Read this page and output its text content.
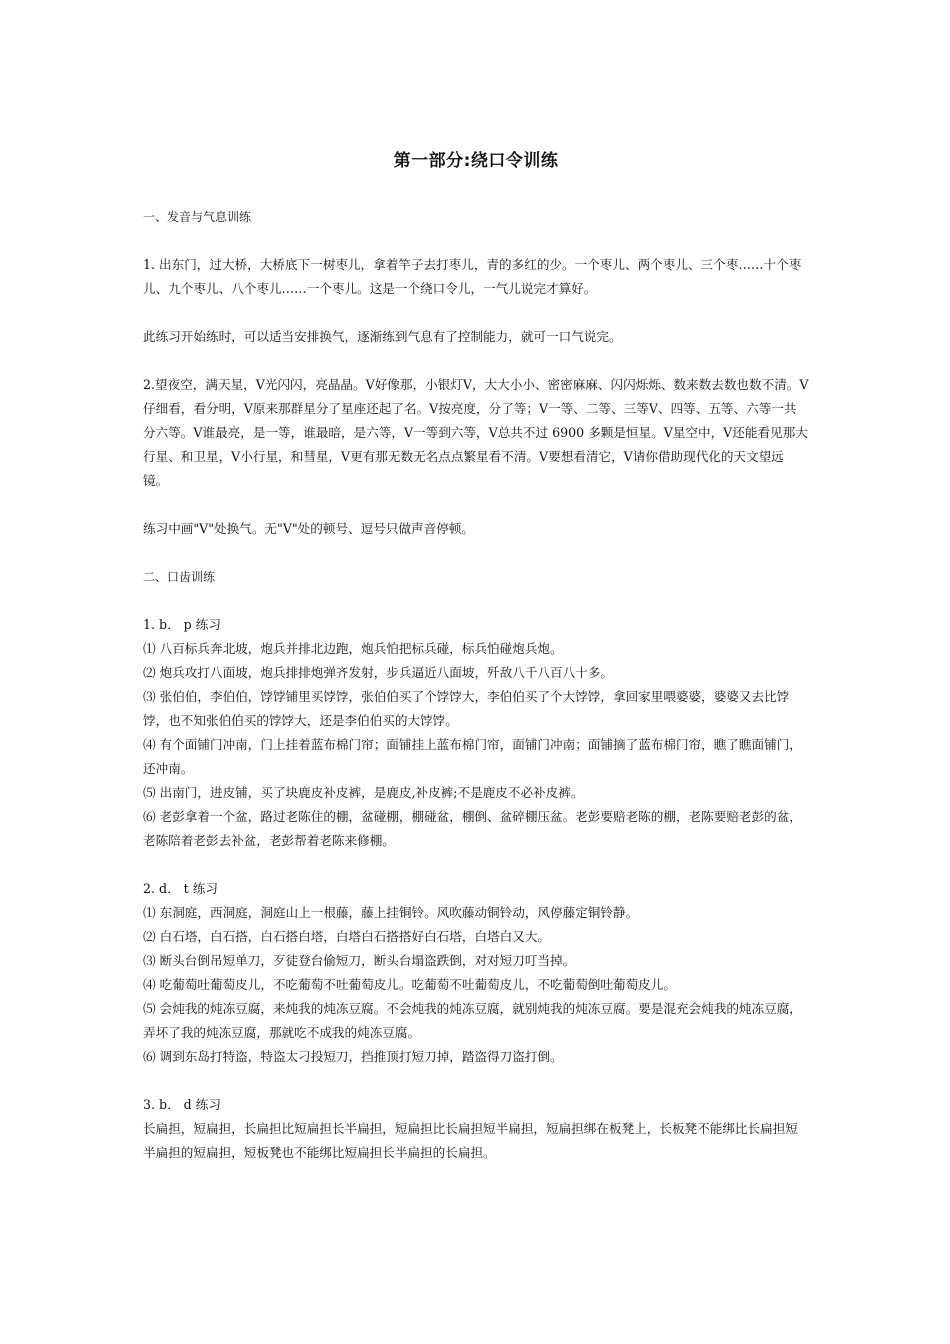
第一部分:绕口令训练

一、发音与气息训练

1. 出东门，过大桥，大桥底下一树枣儿，拿着竿子去打枣儿，青的多红的少。一个枣儿、两个枣儿、三个枣……十个枣儿、九个枣儿、八个枣儿……一个枣儿。这是一个绕口令儿，一气儿说完才算好。

此练习开始练时，可以适当安排换气，逐渐练到气息有了控制能力，就可一口气说完。

2.望夜空，满天星，V光闪闪，亮晶晶。V好像那，小银灯V，大大小小、密密麻麻、闪闪烁烁、数来数去数也数不清。V仔细看，看分明，V原来那群星分了星座还起了名。V按亮度，分了等；V一等、二等、三等V、四等、五等、六等一共分六等。V谁最亮，是一等，谁最暗，是六等，V一等到六等，V总共不过 6900 多颗是恒星。V星空中，V还能看见那大行星、和卫星，V小行星，和彗星，V更有那无数无名点点繁星看不清。V要想看清它，V请你借助现代化的天文望远镜。

练习中画"V"处换气。无"V"处的顿号、逗号只做声音停顿。

二、口齿训练

1. b． p 练习

⑴ 八百标兵奔北坡，炮兵并排北边跑，炮兵怕把标兵碰，标兵怕碰炮兵炮。

⑵ 炮兵攻打八面坡，炮兵排排炮弹齐发射，步兵逼近八面坡，歼敌八千八百八十多。

⑶ 张伯伯，李伯伯，饽饽铺里买饽饽，张伯伯买了个饽饽大，李伯伯买了个大饽饽，拿回家里喂婆婆，婆婆又去比饽饽，也不知张伯伯买的饽饽大，还是李伯伯买的大饽饽。

⑷ 有个面铺门冲南，门上挂着蓝布棉门帘；面铺挂上蓝布棉门帘，面铺门冲南；面铺摘了蓝布棉门帘，瞧了瞧面铺门，还冲南。

⑸ 出南门，进皮铺，买了块鹿皮补皮裤，是鹿皮,补皮裤;不是鹿皮不必补皮裤。

⑹ 老彭拿着一个盆，路过老陈住的棚，盆碰棚，棚碰盆，棚倒、盆碎棚压盆。老彭要赔老陈的棚，老陈要赔老彭的盆，老陈陪着老彭去补盆，老彭帮着老陈来修棚。

2. d． t 练习

⑴ 东洞庭，西洞庭，洞庭山上一根藤，藤上挂铜铃。风吹藤动铜铃动，风停藤定铜铃静。

⑵ 白石塔，白石搭，白石搭白塔，白塔白石搭搭好白石塔，白塔白又大。

⑶ 断头台倒吊短单刀，歹徒登台偷短刀，断头台塌盗跌倒，对对短刀叮当掉。

⑷ 吃葡萄吐葡萄皮儿，不吃葡萄不吐葡萄皮儿。吃葡萄不吐葡萄皮儿，不吃葡萄倒吐葡萄皮儿。

⑸ 会炖我的炖冻豆腐，来炖我的炖冻豆腐。不会炖我的炖冻豆腐，就别炖我的炖冻豆腐。要是混充会炖我的炖冻豆腐，弄坏了我的炖冻豆腐，那就吃不成我的炖冻豆腐。

⑹ 调到东岛打特盗，特盗太刁投短刀，挡推顶打短刀掉，踏盗得刀盗打倒。

3. b． d 练习

长扁担，短扁担，长扁担比短扁担长半扁担，短扁担比长扁担短半扁担，短扁担绑在板凳上，长板凳不能绑比长扁担短半扁担的短扁担，短板凳也不能绑比短扁担长半扁担的长扁担。
